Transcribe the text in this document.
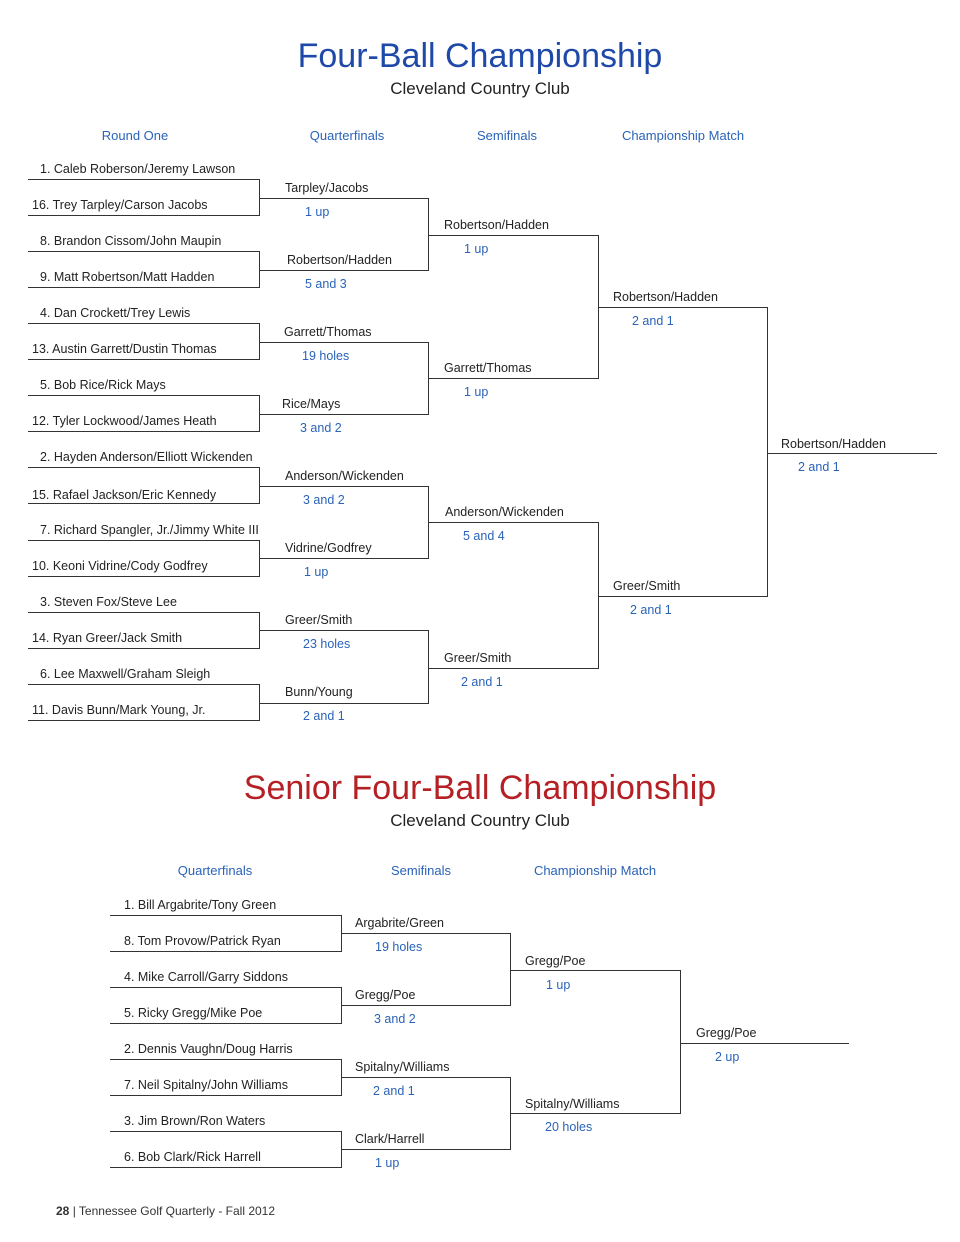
Four-Ball Championship
Cleveland Country Club
Round One	Quarterfinals	Semifinals	Championship Match
1. Caleb Roberson/Jeremy Lawson
16. Trey Tarpley/Carson Jacobs
8. Brandon Cissom/John Maupin
9. Matt Robertson/Matt Hadden
4. Dan Crockett/Trey Lewis
13. Austin Garrett/Dustin Thomas
5. Bob Rice/Rick Mays
12. Tyler Lockwood/James Heath
2. Hayden Anderson/Elliott Wickenden
15. Rafael Jackson/Eric Kennedy
7. Richard Spangler, Jr./Jimmy White III
10. Keoni Vidrine/Cody Godfrey
3. Steven Fox/Steve Lee
14. Ryan Greer/Jack Smith
6. Lee Maxwell/Graham Sleigh
11. Davis Bunn/Mark Young, Jr.
Tarpley/Jacobs
1 up
Robertson/Hadden
5 and 3
Garrett/Thomas
19 holes
Rice/Mays
3 and 2
Anderson/Wickenden
3 and 2
Vidrine/Godfrey
1 up
Greer/Smith
23 holes
Bunn/Young
2 and 1
Robertson/Hadden
1 up
Garrett/Thomas
1 up
Anderson/Wickenden
5 and 4
Greer/Smith
2 and 1
Robertson/Hadden
2 and 1
Greer/Smith
2 and 1
Robertson/Hadden
2 and 1
Senior Four-Ball Championship
Cleveland Country Club
Quarterfinals	Semifinals	Championship Match
1. Bill Argabrite/Tony Green
8. Tom Provow/Patrick Ryan
4. Mike Carroll/Garry Siddons
5. Ricky Gregg/Mike Poe
2. Dennis Vaughn/Doug Harris
7. Neil Spitalny/John Williams
3. Jim Brown/Ron Waters
6. Bob Clark/Rick Harrell
Argabrite/Green
19 holes
Gregg/Poe
3 and 2
Spitalny/Williams
2 and 1
Clark/Harrell
1 up
Gregg/Poe
1 up
Spitalny/Williams
20 holes
Gregg/Poe
2 up
28 | Tennessee Golf Quarterly - Fall 2012
